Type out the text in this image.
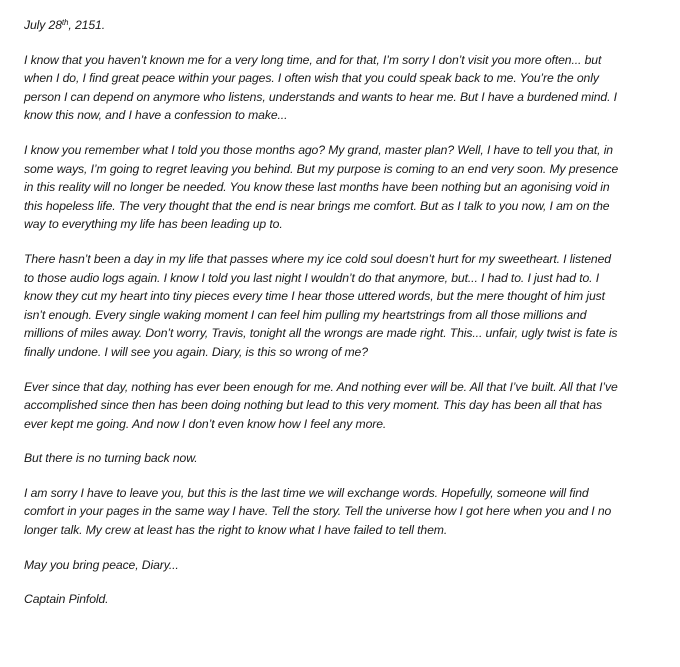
July 28th, 2151.

I know that you haven’t known me for a very long time, and for that, I’m sorry I don’t visit you more often... but when I do, I find great peace within your pages. I often wish that you could speak back to me. You’re the only person I can depend on anymore who listens, understands and wants to hear me. But I have a burdened mind. I know this now, and I have a confession to make...

I know you remember what I told you those months ago? My grand, master plan? Well, I have to tell you that, in some ways, I’m going to regret leaving you behind. But my purpose is coming to an end very soon. My presence in this reality will no longer be needed. You know these last months have been nothing but an agonising void in this hopeless life. The very thought that the end is near brings me comfort. But as I talk to you now, I am on the way to everything my life has been leading up to.

There hasn’t been a day in my life that passes where my ice cold soul doesn’t hurt for my sweetheart. I listened to those audio logs again. I know I told you last night I wouldn’t do that anymore, but... I had to. I just had to. I know they cut my heart into tiny pieces every time I hear those uttered words, but the mere thought of him just isn’t enough. Every single waking moment I can feel him pulling my heartstrings from all those millions and millions of miles away. Don’t worry, Travis, tonight all the wrongs are made right. This... unfair, ugly twist is fate is finally undone. I will see you again. Diary, is this so wrong of me?

Ever since that day, nothing has ever been enough for me. And nothing ever will be. All that I’ve built. All that I’ve accomplished since then has been doing nothing but lead to this very moment. This day has been all that has ever kept me going. And now I don’t even know how I feel any more.

But there is no turning back now.

I am sorry I have to leave you, but this is the last time we will exchange words. Hopefully, someone will find comfort in your pages in the same way I have. Tell the story. Tell the universe how I got here when you and I no longer talk. My crew at least has the right to know what I have failed to tell them.

May you bring peace, Diary...

Captain Pinfold.
